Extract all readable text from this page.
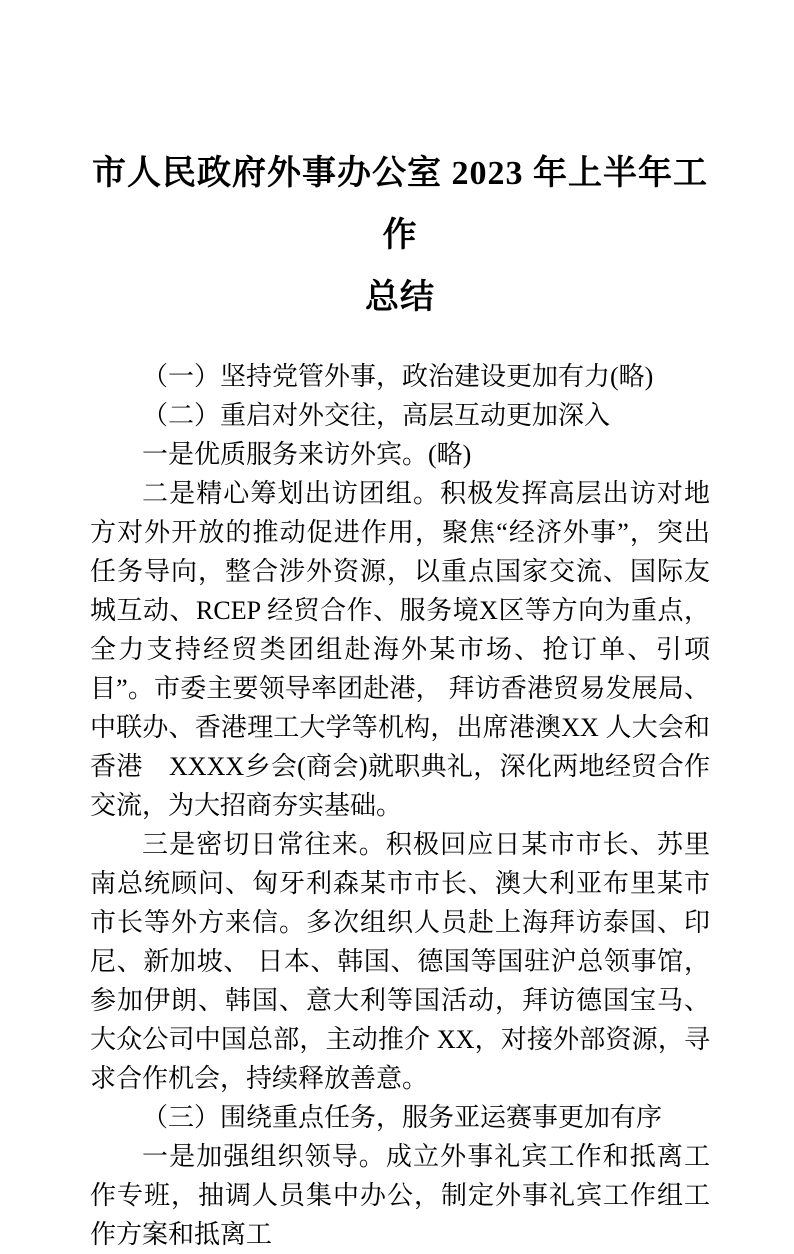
市人民政府外事办公室 2023 年上半年工作
总结

（一）坚持党管外事，政治建设更加有力(略)

（二）重启对外交往，高层互动更加深入

一是优质服务来访外宾。(略)

二是精心筹划出访团组。积极发挥高层出访对地方对外开放的推动促进作用，聚焦“经济外事”，突出任务导向，整合涉外资源，以重点国家交流、国际友城互动、RCEP 经贸合作、服务境X区等方向为重点，全力支持经贸类团组赴海外某市场、抢订单、引项目”。市委主要领导率团赴港， 拜访香港贸易发展局、中联办、香港理工大学等机构，出席港澳XX 人大会和香港　XXXX乡会(商会)就职典礼，深化两地经贸合作交流，为大招商夯实基础。

三是密切日常往来。积极回应日某市市长、苏里南总统顾问、匈牙利森某市市长、澳大利亚布里某市市长等外方来信。多次组织人员赴上海拜访泰国、印尼、新加坡、 日本、韩国、德国等国驻沪总领事馆，参加伊朗、韩国、意大利等国活动，拜访德国宝马、大众公司中国总部，主动推介 XX，对接外部资源，寻求合作机会，持续释放善意。

（三）围绕重点任务，服务亚运赛事更加有序

一是加强组织领导。成立外事礼宾工作和抵离工作专班，抽调人员集中办公，制定外事礼宾工作组工作方案和抵离工
